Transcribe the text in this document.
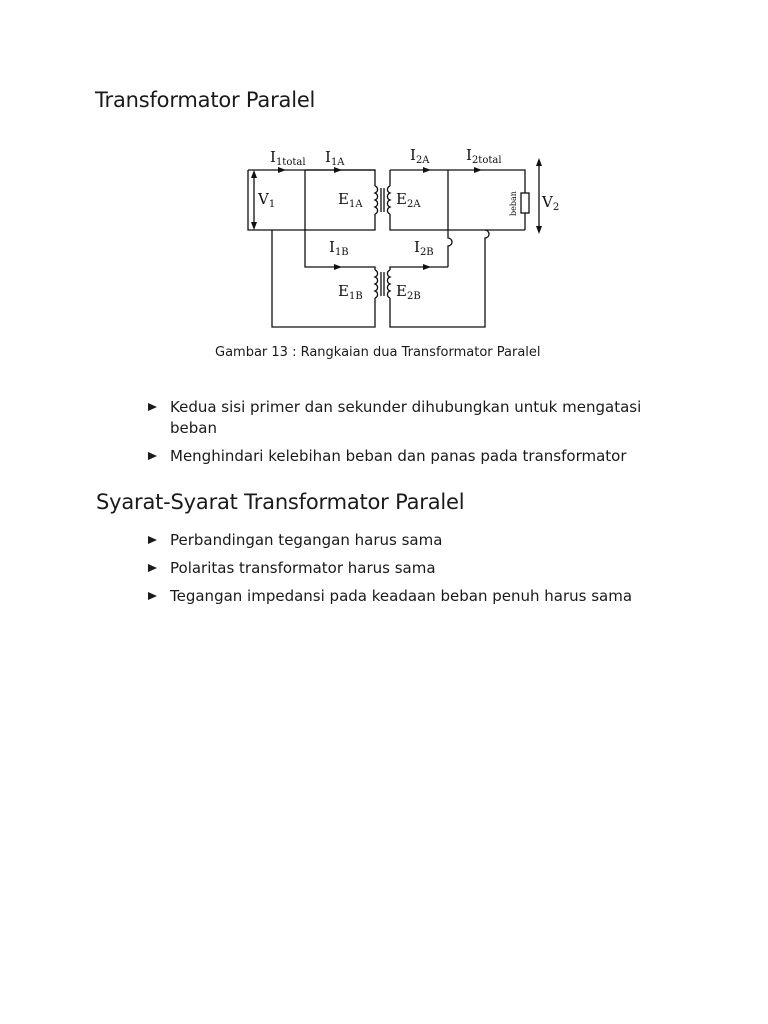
Transformator Paralel
$I_{1total}$ $I_{1A}$	$I_{2A}$ $I_{2total}$
$V_1$	$V_2$
$E_{1A}$ $E_{2A}$
$I_{1B}$	$I_{2B}$
$E_{1B}$ $E_{2B}$
beban

Gambar 13 : Rangkaian dua Transformator Paralel

Kedua sisi primer dan sekunder dihubungkan untuk mengatasi beban
Menghindari kelebihan beban dan panas pada transformator
Syarat-Syarat Transformator Paralel
Perbandingan tegangan harus sama
Polaritas transformator harus sama
Tegangan impedansi pada keadaan beban penuh harus sama
